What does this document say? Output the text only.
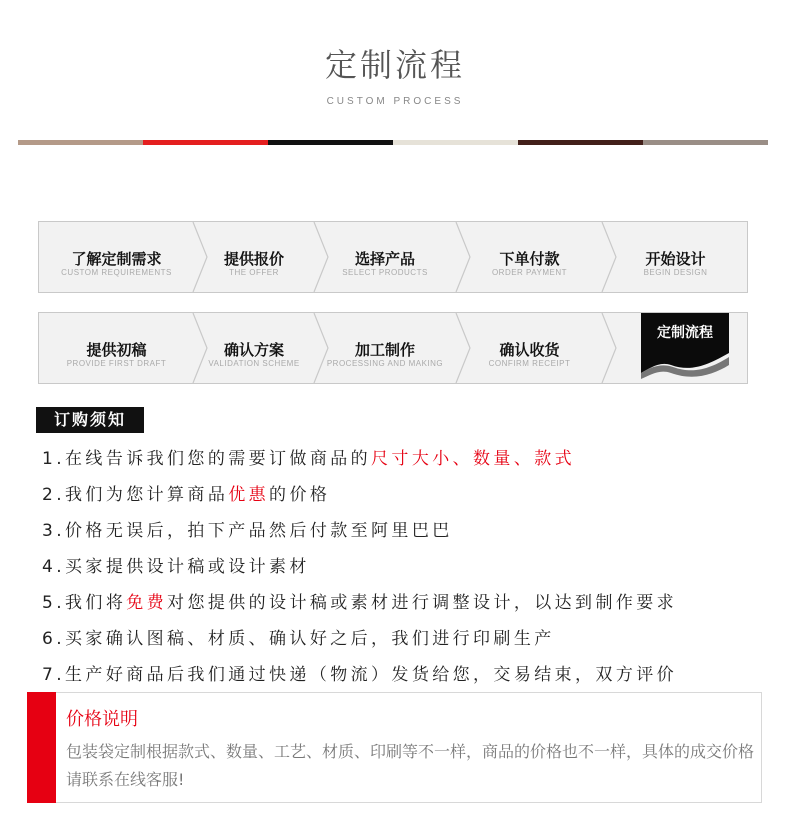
定制流程
CUSTOM PROCESS
了解定制需求
CUSTOM REQUIREMENTS
提供报价
THE OFFER
选择产品
SELECT PRODUCTS
下单付款
ORDER PAYMENT
开始设计
BEGIN DESIGN
提供初稿
PROVIDE FIRST DRAFT
确认方案
VALIDATION SCHEME
加工制作
PROCESSING AND MAKING
确认收货
CONFIRM RECEIPT
定制流程
订购须知
1.在线告诉我们您的需要订做商品的尺寸大小、数量、款式
2.我们为您计算商品优惠的价格
3.价格无误后，拍下产品然后付款至阿里巴巴
4.买家提供设计稿或设计素材
5.我们将免费对您提供的设计稿或素材进行调整设计，以达到制作要求
6.买家确认图稿、材质、确认好之后，我们进行印刷生产
7.生产好商品后我们通过快递（物流）发货给您，交易结束，双方评价
价格说明
包装袋定制根据款式、数量、工艺、材质、印刷等不一样，商品的价格也不一样，具体的成交价格请联系在线客服!
